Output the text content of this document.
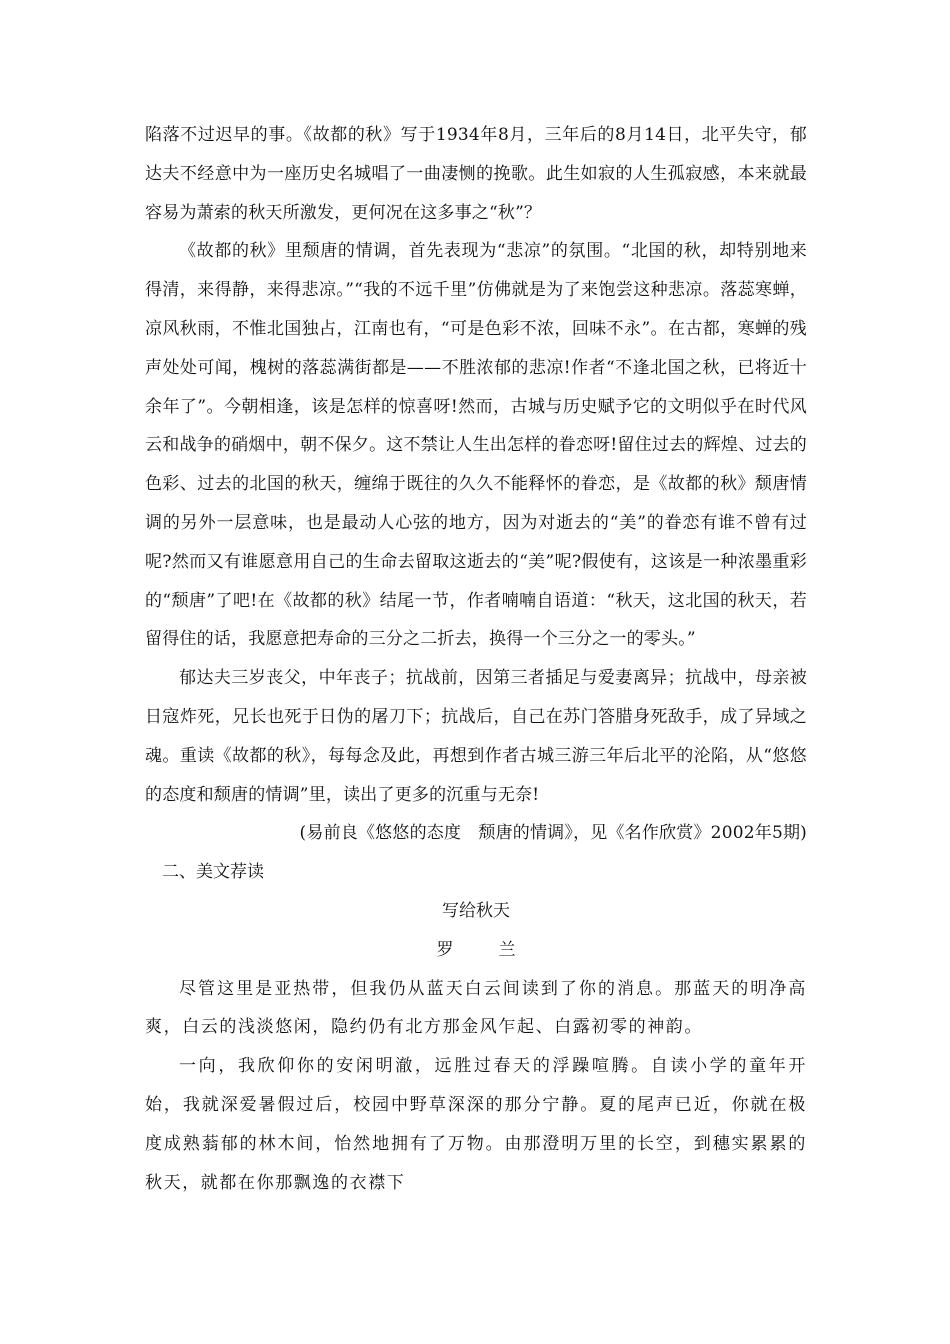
陷落不过迟早的事。《故都的秋》写于1934年8月，三年后的8月14日，北平失守，郁达夫不经意中为一座历史名城唱了一曲凄恻的挽歌。此生如寂的人生孤寂感，本来就最容易为萧索的秋天所激发，更何况在这多事之“秋”？

《故都的秋》里颓唐的情调，首先表现为“悲凉”的氛围。“北国的秋，却特别地来得清，来得静，来得悲凉。”“我的不远千里”仿佛就是为了来饱尝这种悲凉。落蕊寒蝉，凉风秋雨，不惟北国独占，江南也有，“可是色彩不浓，回味不永”。在古都，寒蝉的残声处处可闻，槐树的落蕊满街都是——不胜浓郁的悲凉!作者“不逢北国之秋，已将近十余年了”。今朝相逢，该是怎样的惊喜呀!然而，古城与历史赋予它的文明似乎在时代风云和战争的硝烟中，朝不保夕。这不禁让人生出怎样的眷恋呀!留住过去的辉煌、过去的色彩、过去的北国的秋天，缠绵于既往的久久不能释怀的眷恋，是《故都的秋》颓唐情调的另外一层意味，也是最动人心弦的地方，因为对逝去的“美”的眷恋有谁不曾有过呢?然而又有谁愿意用自己的生命去留取这逝去的“美”呢?假使有，这该是一种浓墨重彩的“颓唐”了吧!在《故都的秋》结尾一节，作者喃喃自语道：“秋天，这北国的秋天，若留得住的话，我愿意把寿命的三分之二折去，换得一个三分之一的零头。”

郁达夫三岁丧父，中年丧子；抗战前，因第三者插足与爱妻离异；抗战中，母亲被日寇炸死，兄长也死于日伪的屠刀下；抗战后，自己在苏门答腊身死敌手，成了异域之魂。重读《故都的秋》，每每念及此，再想到作者古城三游三年后北平的沦陷，从“悠悠的态度和颓唐的情调”里，读出了更多的沉重与无奈!

(易前良《悠悠的态度　颓唐的情调》，见《名作欣赏》2002年5期)

二、美文荐读

写给秋天

罗　兰

尽管这里是亚热带，但我仍从蓝天白云间读到了你的消息。那蓝天的明净高爽，白云的浅淡悠闲，隐约仍有北方那金风乍起、白露初零的神韵。

一向，我欣仰你的安闲明澈，远胜过春天的浮躁喧腾。自读小学的童年开始，我就深爱暑假过后，校园中野草深深的那分宁静。夏的尾声已近，你就在极度成熟蓊郁的林木间，怡然地拥有了万物。由那澄明万里的长空，到穗实累累的秋天，就都在你那飘逸的衣襟下
